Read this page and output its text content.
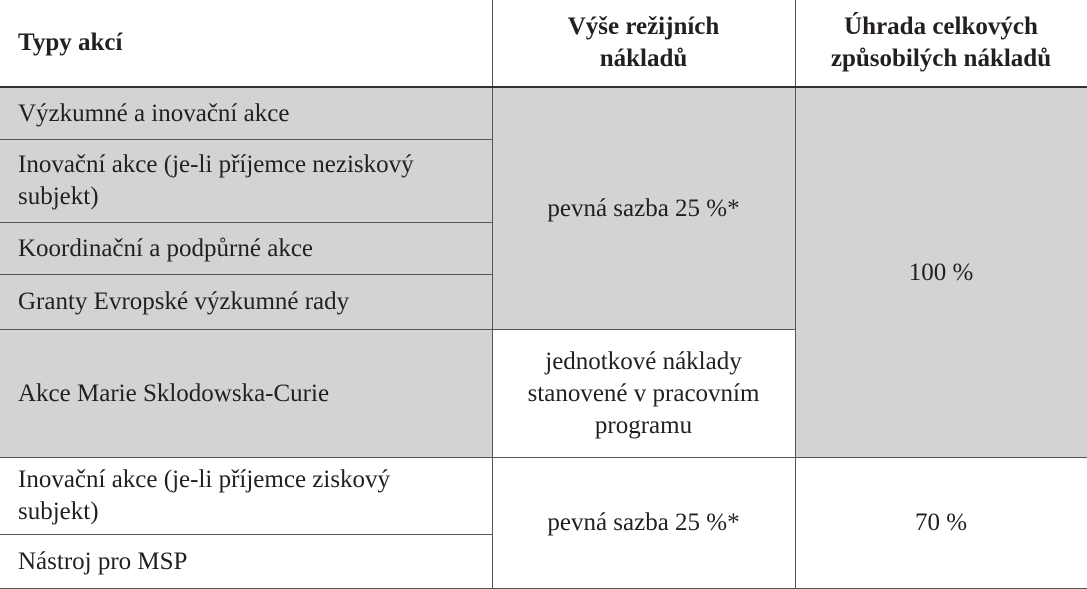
Typy akcí	Výše režijních nákladů	Úhrada celkových způsobilých nákladů
Výzkumné a inovační akce	pevná sazba 25 %*	100 %
Inovační akce (je-li příjemce neziskový subjekt)		
Koordinační a podpůrné akce		
Granty Evropské výzkumné rady		
Akce Marie Sklodowska-Curie	jednotkové náklady stanovené v pracovním programu	
Inovační akce (je-li příjemce ziskový subjekt)	pevná sazba 25 %*	70 %
Nástroj pro MSP		
